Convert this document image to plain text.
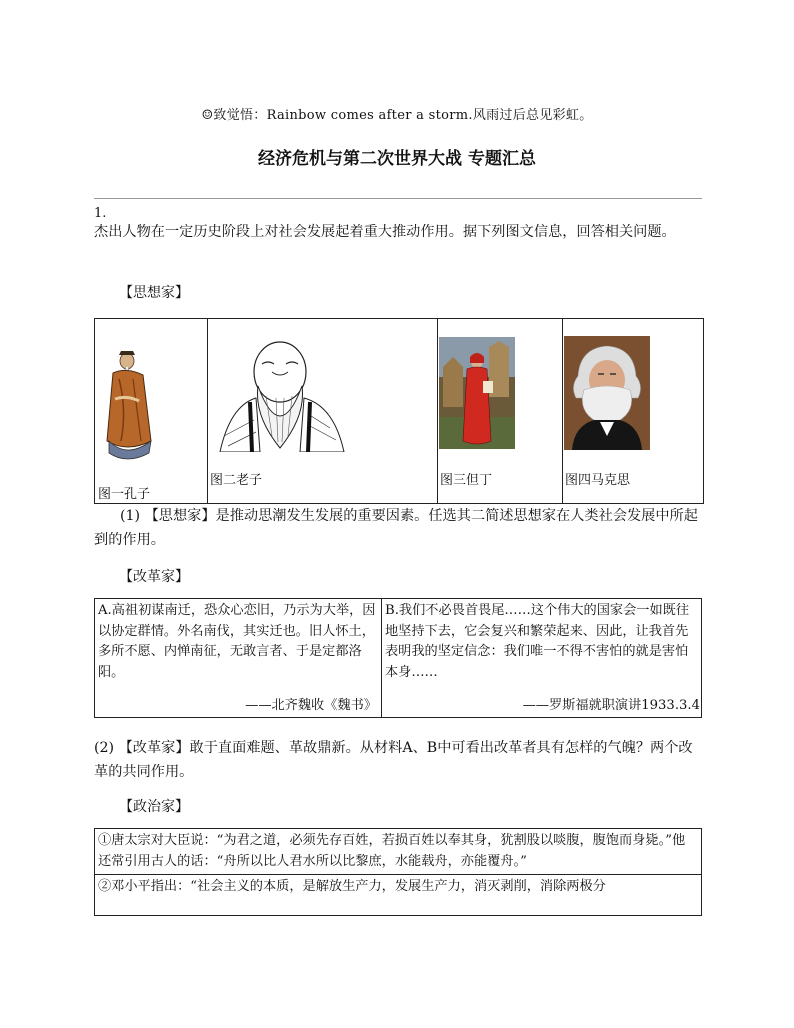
☺致觉悟：Rainbow comes after a storm.风雨过后总见彩虹。
经济危机与第二次世界大战 专题汇总
1.
杰出人物在一定历史阶段上对社会发展起着重大推动作用。据下列图文信息，回答相关问题。
【思想家】
图一孔子
图二老子	图三但丁	图四马克思
(1) 【思想家】是推动思潮发生发展的重要因素。任选其二简述思想家在人类社会发展中所起到的作用。
【改革家】
A.高祖初谋南迁，恐众心恋旧，乃示为大举，因以协定群情。外名南伐，其实迁也。旧人怀土，多所不愿、内惮南征，无敢言者、于是定都洛阳。
——北齐魏收《魏书》
B.我们不必畏首畏尾……这个伟大的国家会一如既往地坚持下去，它会复兴和繁荣起来、因此，让我首先表明我的坚定信念：我们唯一不得不害怕的就是害怕本身……
——罗斯福就职演讲1933.3.4
(2) 【改革家】敢于直面难题、革故鼎新。从材料A、B中可看出改革者具有怎样的气魄？两个改革的共同作用。
【政治家】
①唐太宗对大臣说：“为君之道，必须先存百姓，若损百姓以奉其身，犹割股以啖腹，腹饱而身毙。”他还常引用古人的话：“舟所以比人君水所以比黎庶，水能载舟，亦能覆舟。”
②邓小平指出：“社会主义的本质，是解放生产力，发展生产力，消灭剥削，消除两极分
